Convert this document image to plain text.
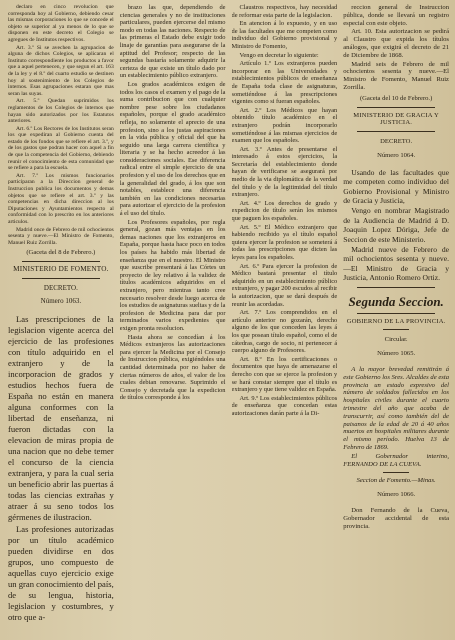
declaro en cinco revolucion que corresponda hoy al Gobierno, debiendo cesar las mismas corporaciones lo que se concede el objeto se superior al ya menos de lo que se disponen en este decreto el Colegio se agregues de Institutos respectivos.

Art. 3.º Si se avechen la agrupacion de alguna de dichos Colegios, se aplicaran el Instituto correspondiente los productos a favor que a aquel pertenecen, y que segun el art. 163 de la ley y el 8.º del cuarto estudio se destinen hoy al sostenimiento de los Colegios de internos. Esas agrupaciones estaran que mas seran las suyas.

Art. 5.º Quedan suprimidos los reglamentos de los Colegios de internos que hayan sido autorizados por los Estatutos anteriores.

Art. 6.º Los Rectores de los Institutos seran los que expediran al Gobierno cuenta del estado de los fondos que se refiere el art. 3.º, y de los gastos que podran hacer con aquel a fin de que la competencia del Gobierno, debiendo reunir el conocimiento de esta comunidad que se refiere a para la escuela.

Art. 7.º Los mismos funcionarios participaran a la Direccion general de Instruccion publica los documentos y demas objetos que se refiere el art. 3.º y las competencias en dicha direccion al los Diputaciones y Ayuntamientos respecto al conformidad con lo prescrito en los anteriores articulos.

Madrid once de Febrero de mil ochocientos sesenta y nueve.—El Ministro de Fomento, Manuel Ruiz Zorrilla.

(Gaceta del 8 de Febrero.)

MINISTERIO DE FOMENTO.

DECRETO.

Número 1063.

Las prescripciones de la legislacion vigente acerca del ejercicio de las profesiones con título adquirido en el extranjero y de la incorporacion de grados y estudios hechos fuera de España no están en manera alguna conformes con la libertad de enseñanza, ni fueron dictadas con la elevacion de miras propia de una nacion que no debe temer el concurso de la ciencia extranjera, y para la cual seria un beneficio abrir las puertas á todas las ciencias extrañas y atraer á su seno todos los gérmenes de ilustracion.

Las profesiones autorizadas por un título académico pueden dividirse en dos grupos, uno compuesto de aquellas cuyo ejercicio exige un gran conocimiento del país, de su lengua, historia, legislacion y costumbres, y otro que a-

brazo las que, dependiendo de ciencias generales y no de instituciones particulares, pueden ejercerse del mismo modo en todas las naciones. Respecto de las primeras el Estado debe exigir todo linaje de garantías para asegurarse de la aptitud del Profesor; respecto de las segundas bastaría solamente adquirir la certeza de que existe un título dado por un establecimiento público extranjero.

Los grados académicos exigen de todos los casos el examen y el pago de la suma contribucion que con cualquier nombre pese sobre los ciudadanos españoles, porque el grado académico refleja, no solamente el aprecio de una profesion, sino a los justas aspiraciones en la vida pública y oficial del que ha seguido una larga carrera científica y literaria y se ha hecho acreedor á las consideraciones sociales. Ese diferencia radical entre el simple ejercicio de una profesion y el uso de los derechos que en la generalidad del grado, á los que son notables, establece una diferencia también en las condiciones necesarias para autorizar el ejercicio de la profesion á el uso del título.

Los Profesores españoles, por regla general, gozan más ventajas en los demas naciones que los extranjeros en España, porque hasta hace poco en todos los países ha habido más libertad de enseñanza que en el nuestro. El Ministro que suscribe presentará á las Córtes un proyecto de ley relativo á la validez de títulos académicos adquiridos en el extranjero, pero mientras tanto cree necesario resolver desde luego acerca de los estudios de asignaturas sueltas y de la profesion de Medicina para dar por terminados varios expedientes que exigen pronta resolucion.

Hasta ahora se concedían á los Médicos extranjeros las autorizaciones para ejercer la Medicina por el Consejo de Instruccion pública, exigiéndoles una cantidad determinada por no haber de ciertas números de años, el valor de los cuales debian renovarse. Suprimido el Consejo y decretada que la expedicion de títulos corresponde á los

Claustros respectivos, hay necesidad de reformar esta parte de la legislacion.

En atencion á lo expuesto, y en uso de las facultades que me competen como individuo del Gobierno provisional y Ministro de Fomento,

Vengo en decretar lo siguiente:

Artículo 1.º Los extranjeros pueden incorporar en las Universidades y establecimientos públicos de enseñanza de España toda clase de asignaturas, sometiéndose á las prescripciones vigentes como si fueran españoles.

Art. 2.º Los Médicos que hayan obtenido título académico en el extranjero podrán incorporarlo sometiéndose á las mismas ejercicios de examen que los españoles.

Art. 3.º Antes de presentarse el interesado á estos ejercicios, la Secretaría del establecimiento donde hayan de verificarse se asegurará por medio de la via diplomática de la verdad del título y de la legitimidad del título extranjero.

Art. 4.º Los derechos de grado y expedicion de título serán los mismos que paguen los españoles.

Art. 5.º El Médico extranjero que habiendo recibido ya el título español quiera ejercer la profesion se someterá á todas las prescripciones que dicten las leyes para los españoles.

Art. 6.º Para ejercer la profesion de Médico bastará presentar el título adquirido en un establecimiento público extranjero, y pagar 200 escudos al recibir la autorizacion, que se dará después de reunir las acordadas.

Art. 7.º Los comprendidos en el artículo anterior no gozarán, derecho alguno de los que conceden las leyes á los que posean título español, como el de cátedras, cargo de socio, ni pertenecer á cuerpo alguno de Profesores.

Art. 8.º En los certificaciones o documentos que haya de amenazarse el derecho con que se ejerce la profesion y se hará constar siempre que el título es extranjero y que tiene validez en España.

Art. 9.º Los establecimientos públicos de enseñanza que concedan estas autorizaciones darán parte á la Di-

reccion general de Instruccion pública, donde se llevará un registro especial con este objeto.

Art. 10. Esta autorizacion se pedirá al Claustro que expida los títulos análogos, que exigirá el decreto de 21 de Diciembre de 1868.

Madrid seis de Febrero de mil ochocientos sesenta y nueve.—El Ministro de Fomento, Manuel Ruiz Zorrilla.

(Gaceta del 10 de Febrero.)

MINISTERIO DE GRACIA Y JUSTICIA.

DECRETO.

Número 1064.

Usando de las facultades que me competen como individuo del Gobierno Provisional y Ministro de Gracia y Justicia,

Vengo en nombrar Magistrado de la Audiencia de Madrid á D. Joaquin Lopez Dóriga, Jefe de Seccion de este Ministerio.

Madrid nueve de Febrero de mil ochocientos sesenta y nueve.—El Ministro de Gracia y Justicia, Antonio Romero Ortiz.

Segunda Seccion.

GOBIERNO DE LA PROVINCIA.

Circular.

Número 1065.

A la mayor brevedad remitirán á este Gobierno los Sres. Alcaldes de esta provincia un estado expresivo del número de soldados fallecidos en los hospitales civiles durante el cuarto trimestre del año que acaba de transcurrir, así como también del de paisanos de la edad de 20 á 40 años muertos en hospitales militares durante el mismo período. Huelva 13 de Febrero de 1869.

El Gobernador interino, FERNANDO DE LA CUEVA.

Seccion de Fomento.—Minas.

Número 1066.

Don Fernando de la Cueva, Gobernador accidental de esta provincia.
